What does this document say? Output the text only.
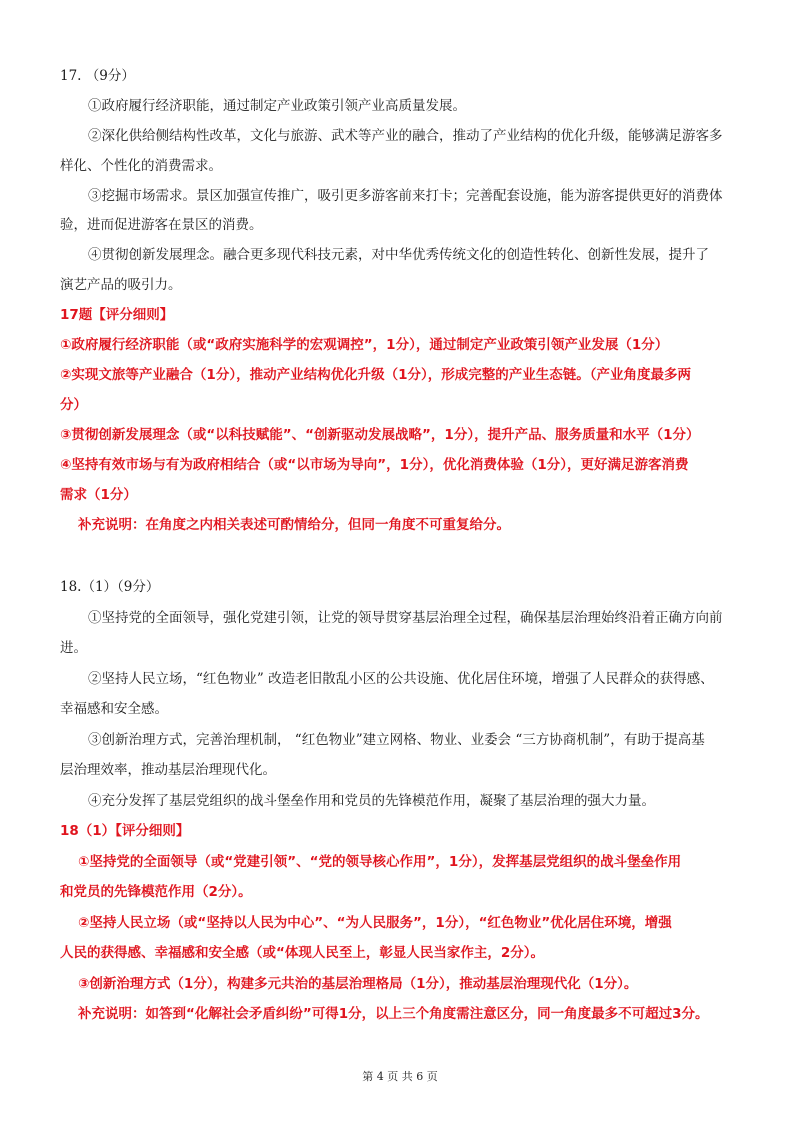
17. （9分）
①政府履行经济职能，通过制定产业政策引领产业高质量发展。
②深化供给侧结构性改革，文化与旅游、武术等产业的融合，推动了产业结构的优化升级，能够满足游客多
样化、个性化的消费需求。
③挖掘市场需求。景区加强宣传推广，吸引更多游客前来打卡；完善配套设施，能为游客提供更好的消费体
验，进而促进游客在景区的消费。
④贯彻创新发展理念。融合更多现代科技元素，对中华优秀传统文化的创造性转化、创新性发展，提升了
演艺产品的吸引力。
17题【评分细则】
①政府履行经济职能（或“政府实施科学的宏观调控”，1分），通过制定产业政策引领产业发展（1分）
②实现文旅等产业融合（1分），推动产业结构优化升级（1分），形成完整的产业生态链。（产业角度最多两
分）
③贯彻创新发展理念（或“以科技赋能”、“创新驱动发展战略”，1分），提升产品、服务质量和水平（1分）
④坚持有效市场与有为政府相结合（或“以市场为导向”，1分），优化消费体验（1分），更好满足游客消费
需求（1分）
补充说明：在角度之内相关表述可酌情给分，但同一角度不可重复给分。
18.（1）（9分）
①坚持党的全面领导，强化党建引领，让党的领导贯穿基层治理全过程，确保基层治理始终沿着正确方向前
进。
②坚持人民立场，“红色物业” 改造老旧散乱小区的公共设施、优化居住环境，增强了人民群众的获得感、
幸福感和安全感。
③创新治理方式，完善治理机制， “红色物业”建立网格、物业、业委会 “三方协商机制”，有助于提高基
层治理效率，推动基层治理现代化。
④充分发挥了基层党组织的战斗堡垒作用和党员的先锋模范作用，凝聚了基层治理的强大力量。
18（1）【评分细则】
①坚持党的全面领导（或“党建引领”、“党的领导核心作用”，1分），发挥基层党组织的战斗堡垒作用
和党员的先锋模范作用（2分）。
②坚持人民立场（或“坚持以人民为中心”、“为人民服务”，1分），“红色物业”优化居住环境，增强
人民的获得感、幸福感和安全感（或“体现人民至上，彰显人民当家作主，2分）。
③创新治理方式（1分），构建多元共治的基层治理格局（1分），推动基层治理现代化（1分）。
补充说明：如答到“化解社会矛盾纠纷”可得1分，以上三个角度需注意区分，同一角度最多不可超过3分。
第 4 页 共 6 页
